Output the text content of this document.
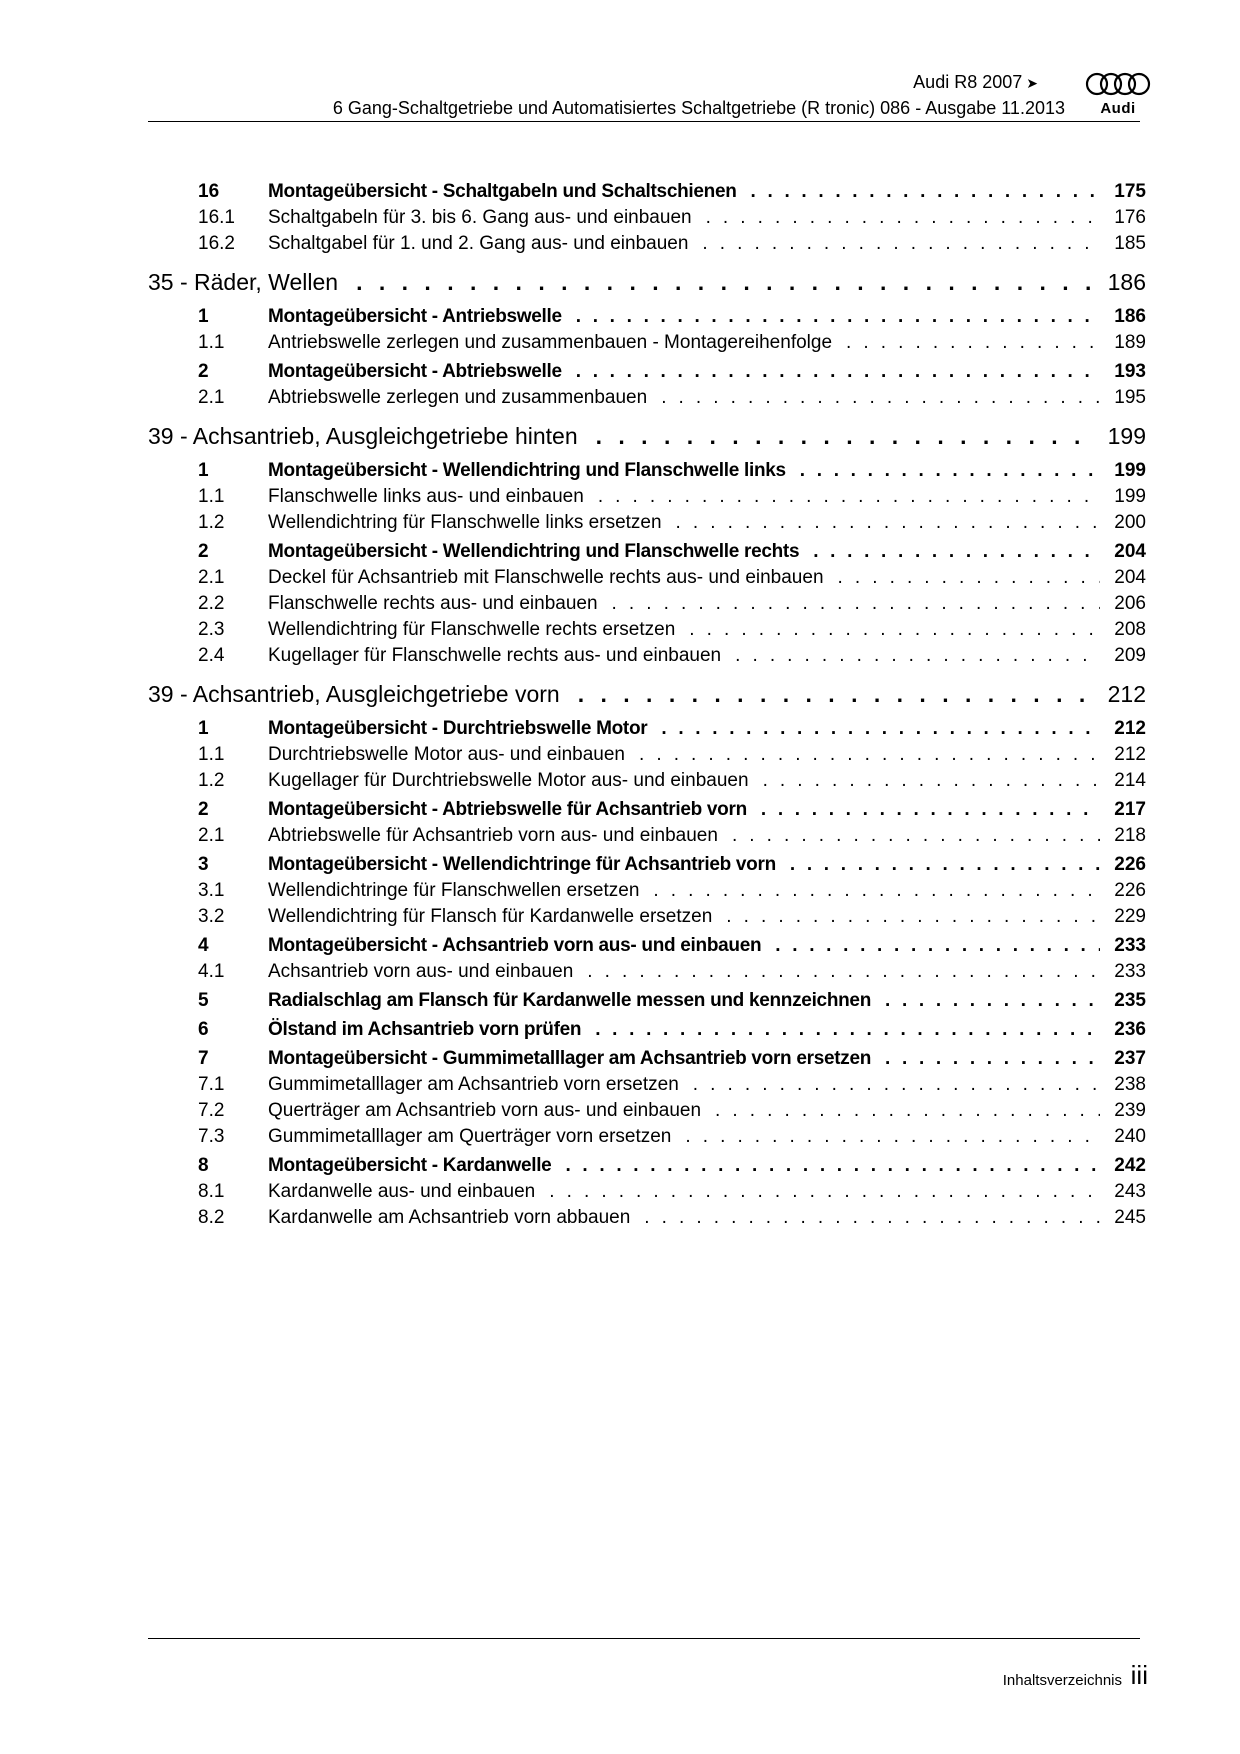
Audi R8 2007 ➤
6 Gang-Schaltgetriebe und Automatisiertes Schaltgetriebe (R tronic) 086 - Ausgabe 11.2013	Audi
16	Montageübersicht - Schaltgabeln und Schaltschienen . . .	175
16.1	Schaltgabeln für 3. bis 6. Gang aus- und einbauen . . .	176
16.2	Schaltgabel für 1. und 2. Gang aus- und einbauen . . .	185
35 - Räder, Wellen . . .	186
1	Montageübersicht - Antriebswelle . . .	186
1.1	Antriebswelle zerlegen und zusammenbauen - Montagereihenfolge . . .	189
2	Montageübersicht - Abtriebswelle . . .	193
2.1	Abtriebswelle zerlegen und zusammenbauen . . .	195
39 - Achsantrieb, Ausgleichgetriebe hinten . . .	199
1	Montageübersicht - Wellendichtring und Flanschwelle links . . .	199
1.1	Flanschwelle links aus- und einbauen . . .	199
1.2	Wellendichtring für Flanschwelle links ersetzen . . .	200
2	Montageübersicht - Wellendichtring und Flanschwelle rechts . . .	204
2.1	Deckel für Achsantrieb mit Flanschwelle rechts aus- und einbauen . . .	204
2.2	Flanschwelle rechts aus- und einbauen . . .	206
2.3	Wellendichtring für Flanschwelle rechts ersetzen . . .	208
2.4	Kugellager für Flanschwelle rechts aus- und einbauen . . .	209
39 - Achsantrieb, Ausgleichgetriebe vorn . . .	212
1	Montageübersicht - Durchtriebswelle Motor . . .	212
1.1	Durchtriebswelle Motor aus- und einbauen . . .	212
1.2	Kugellager für Durchtriebswelle Motor aus- und einbauen . . .	214
2	Montageübersicht - Abtriebswelle für Achsantrieb vorn . . .	217
2.1	Abtriebswelle für Achsantrieb vorn aus- und einbauen . . .	218
3	Montageübersicht - Wellendichtringe für Achsantrieb vorn . . .	226
3.1	Wellendichtringe für Flanschwellen ersetzen . . .	226
3.2	Wellendichtring für Flansch für Kardanwelle ersetzen . . .	229
4	Montageübersicht - Achsantrieb vorn aus- und einbauen . . .	233
4.1	Achsantrieb vorn aus- und einbauen . . .	233
5	Radialschlag am Flansch für Kardanwelle messen und kennzeichnen . . .	235
6	Ölstand im Achsantrieb vorn prüfen . . .	236
7	Montageübersicht - Gummimetalllager am Achsantrieb vorn ersetzen . . .	237
7.1	Gummimetalllager am Achsantrieb vorn ersetzen . . .	238
7.2	Querträger am Achsantrieb vorn aus- und einbauen . . .	239
7.3	Gummimetalllager am Querträger vorn ersetzen . . .	240
8	Montageübersicht - Kardanwelle . . .	242
8.1	Kardanwelle aus- und einbauen . . .	243
8.2	Kardanwelle am Achsantrieb vorn abbauen . . .	245
Inhaltsverzeichnis iii
